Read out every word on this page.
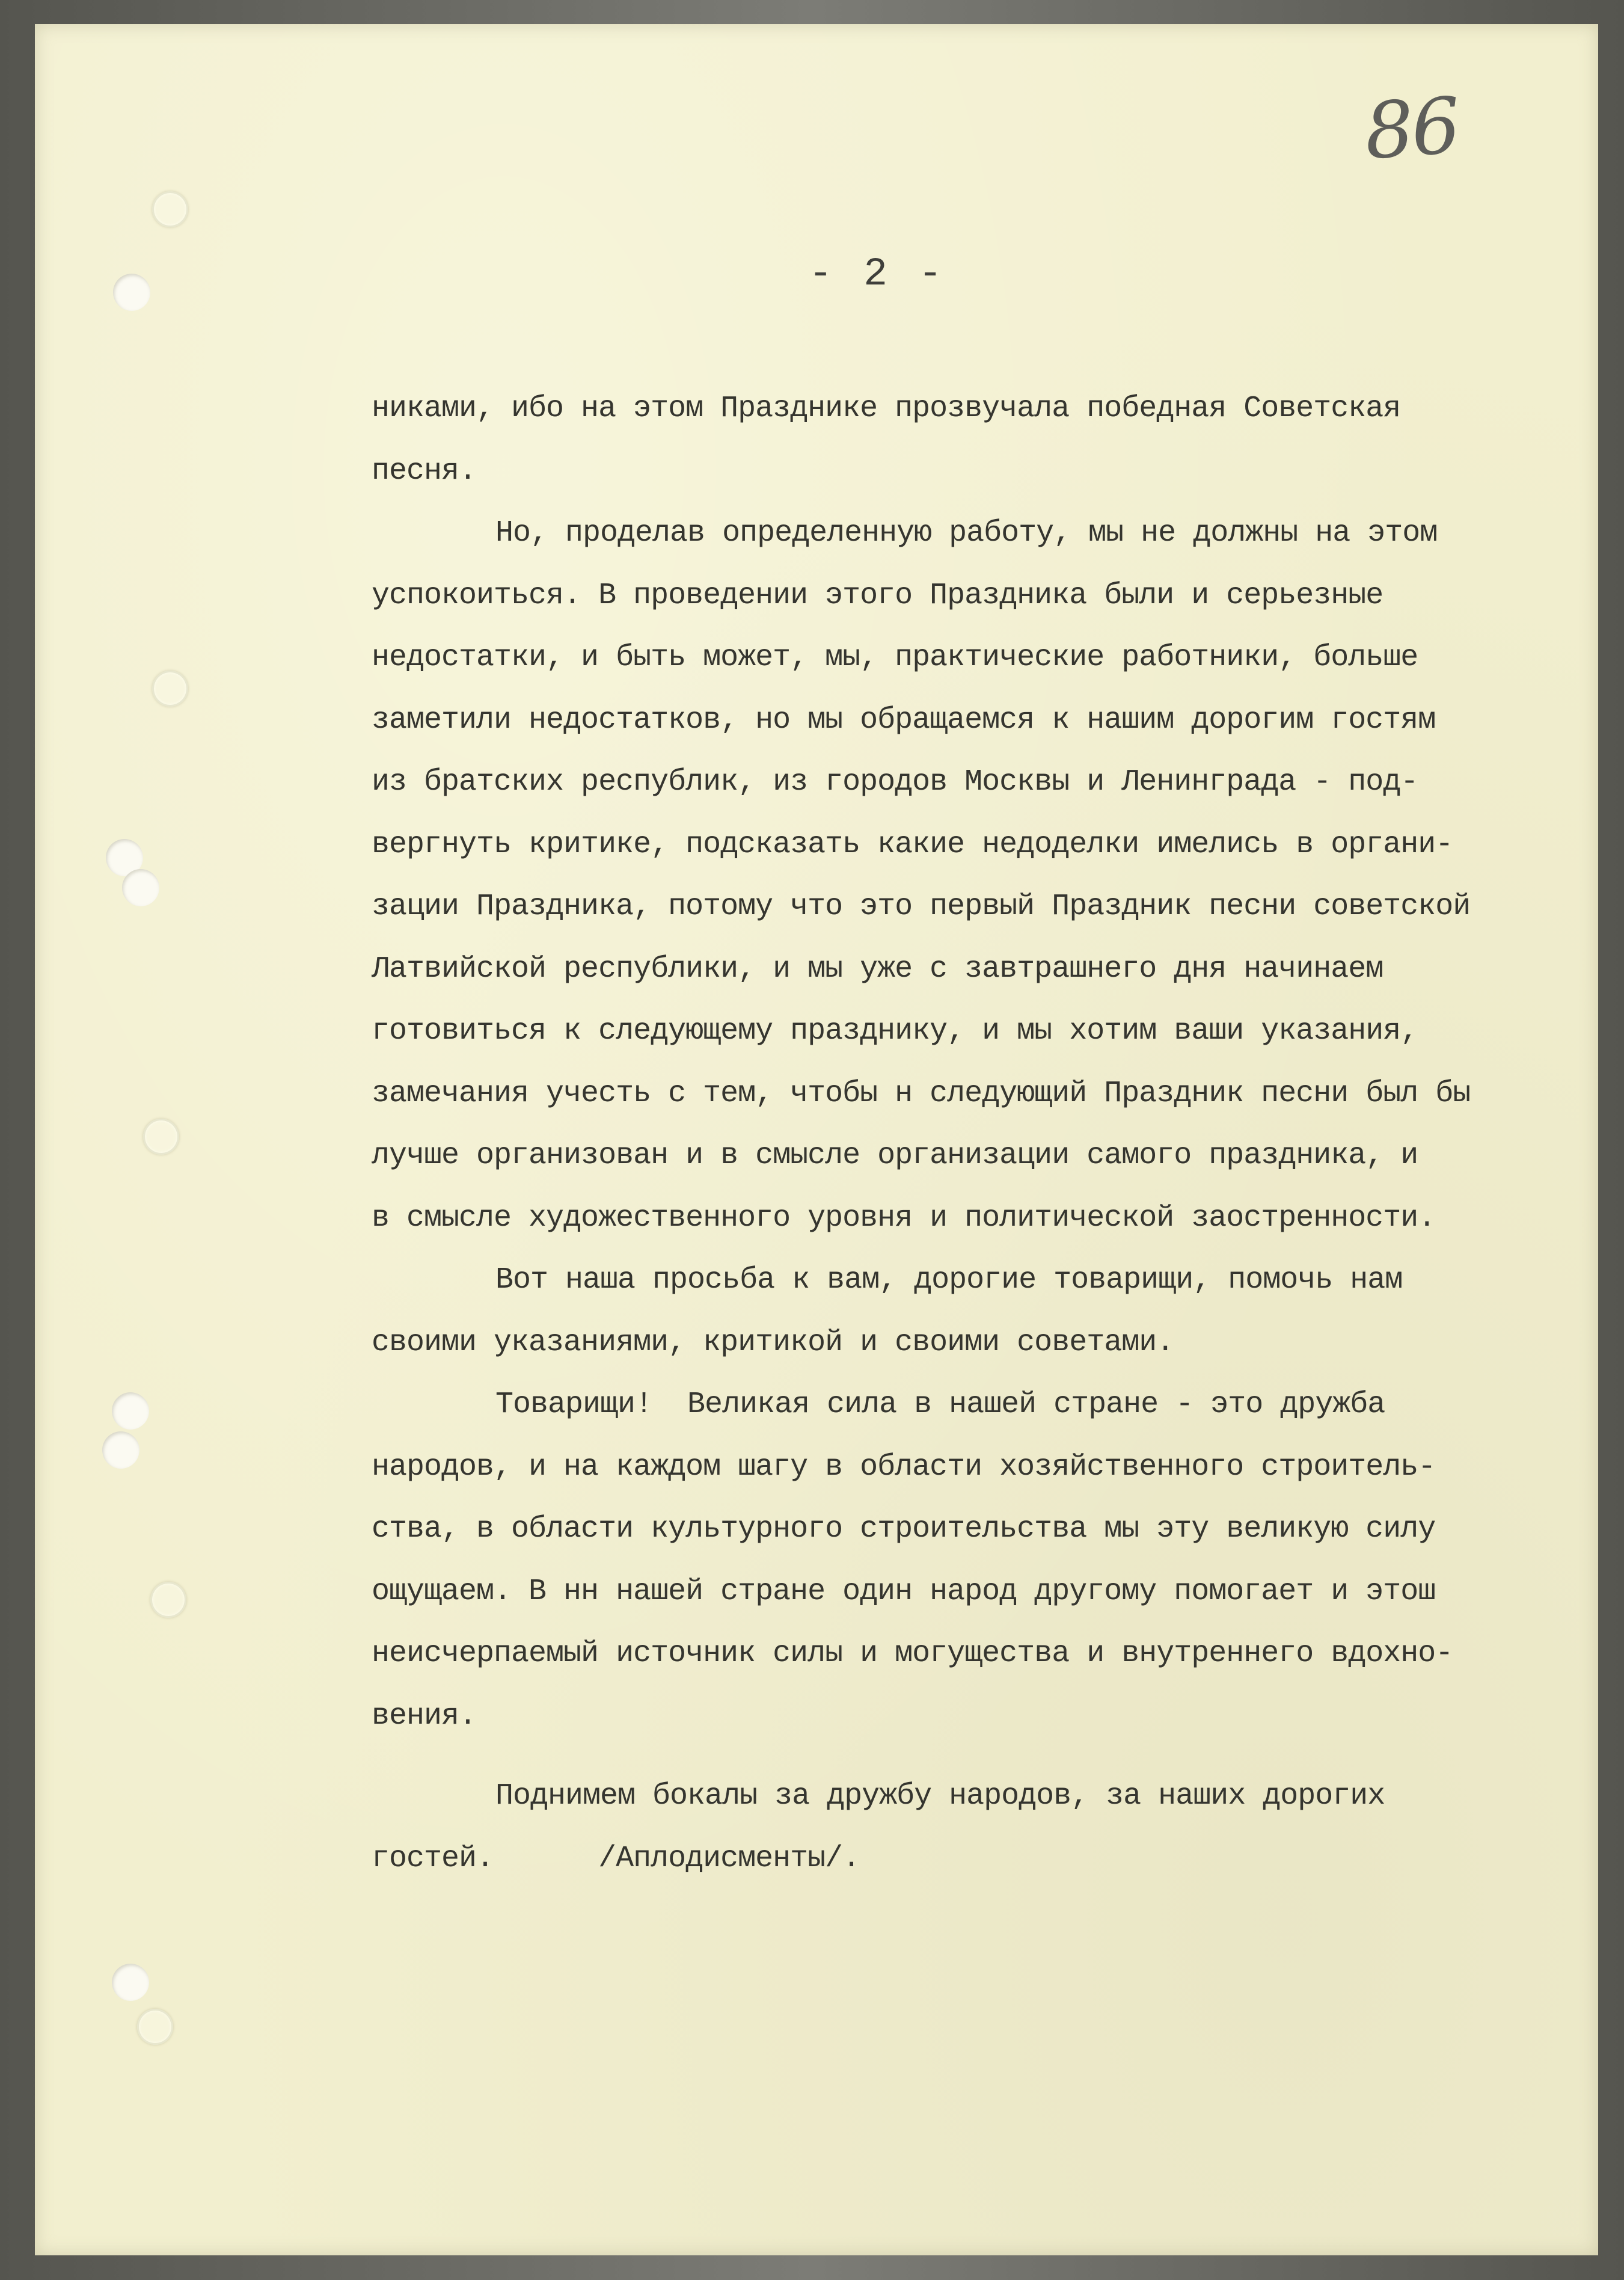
86
- 2 -
никами, ибо на этом Празднике прозвучала победная Советская
песня.
Но, проделав определенную работу, мы не должны на этом
успокоиться. В проведении этого Праздника были и серьезные
недостатки, и быть может, мы, практические работники, больше
заметили недостатков, но мы обращаемся к нашим дорогим гостям
из братских республик, из городов Москвы и Ленинграда - под-
вергнуть критике, подсказать какие недоделки имелись в органи-
зации Праздника, потому что это первый Праздник песни советской
Латвийской республики, и мы уже с завтрашнего дня начинаем
готовиться к следующему празднику, и мы хотим ваши указания,
замечания учесть с тем, чтобы н следующий Праздник песни был бы
лучше организован и в смысле организации самого праздника, и
в смысле художественного уровня и политической заостренности.
Вот наша просьба к вам, дорогие товарищи, помочь нам
своими указаниями, критикой и своими советами.
Товарищи!  Великая сила в нашей стране - это дружба
народов, и на каждом шагу в области хозяйственного строитель-
ства, в области культурного строительства мы эту великую силу
ощущаем. В нн нашей стране один народ другому помогает и этош
неисчерпаемый источник силы и могущества и внутреннего вдохно-
вения.
Поднимем бокалы за дружбу народов, за наших дорогих
гостей.      /Аплодисменты/.
